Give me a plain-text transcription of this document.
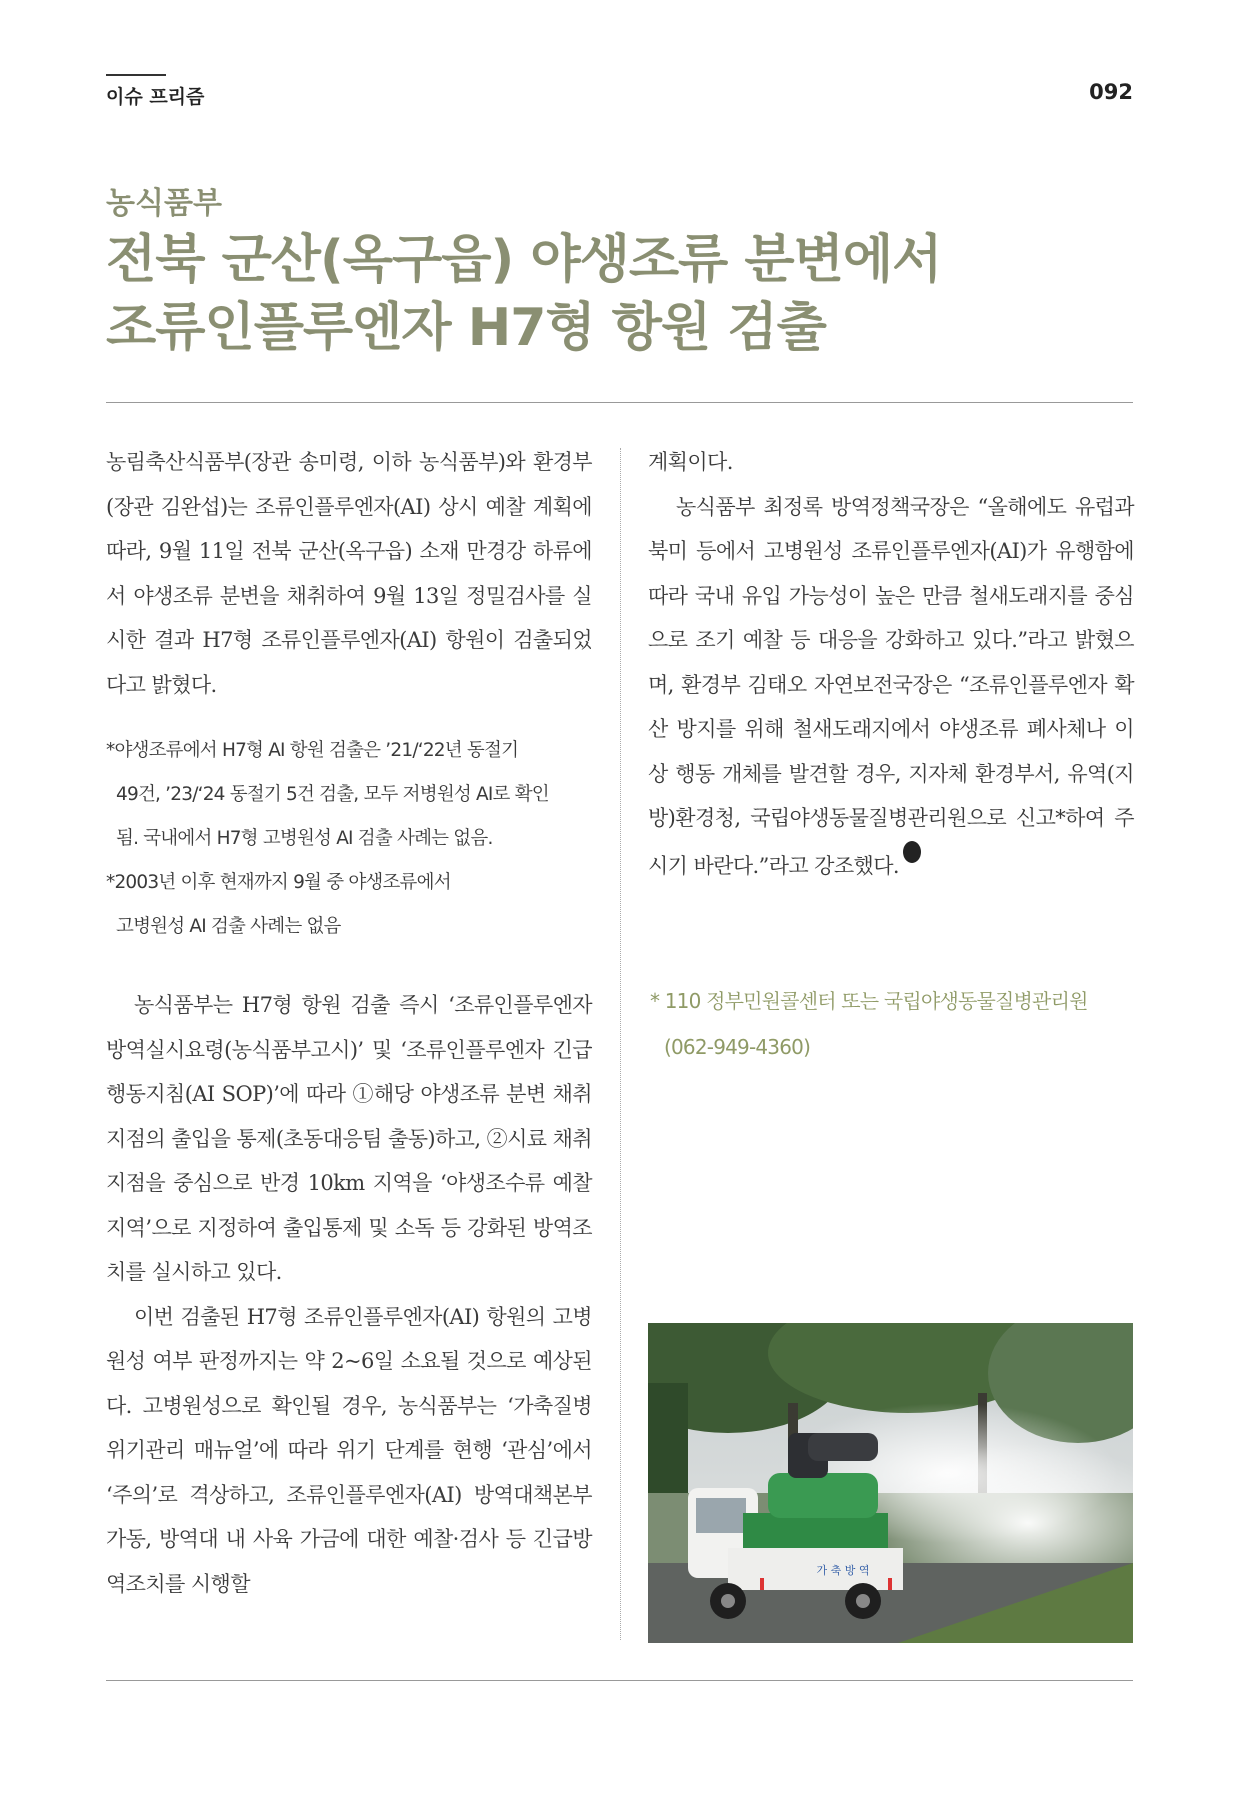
이슈 프리즘	092
농식품부
전북 군산(옥구읍) 야생조류 분변에서
조류인플루엔자 H7형 항원 검출

농림축산식품부(장관 송미령, 이하 농식품부)와 환경부(장관 김완섭)는 조류인플루엔자(AI) 상시 예찰 계획에 따라, 9월 11일 전북 군산(옥구읍) 소재 만경강 하류에서 야생조류 분변을 채취하여 9월 13일 정밀검사를 실시한 결과 H7형 조류인플루엔자(AI) 항원이 검출되었다고 밝혔다.

*야생조류에서 H7형 AI 항원 검출은 ’21/‘22년 동절기
49건, ’23/‘24 동절기 5건 검출, 모두 저병원성 AI로 확인
됨. 국내에서 H7형 고병원성 AI 검출 사례는 없음.
*2003년 이후 현재까지 9월 중 야생조류에서
고병원성 AI 검출 사례는 없음

농식품부는 H7형 항원 검출 즉시 ‘조류인플루엔자방역실시요령(농식품부고시)’ 및 ‘조류인플루엔자 긴급행동지침(AI SOP)’에 따라 ①해당 야생조류 분변 채취지점의 출입을 통제(초동대응팀 출동)하고, ②시료 채취 지점을 중심으로 반경 10km 지역을 ‘야생조수류 예찰지역’으로 지정하여 출입통제 및 소독 등 강화된 방역조치를 실시하고 있다.

이번 검출된 H7형 조류인플루엔자(AI) 항원의 고병원성 여부 판정까지는 약 2~6일 소요될 것으로 예상된다. 고병원성으로 확인될 경우, 농식품부는 ‘가축질병 위기관리 매뉴얼’에 따라 위기 단계를 현행 ‘관심’에서 ‘주의’로 격상하고, 조류인플루엔자(AI) 방역대책본부 가동, 방역대 내 사육 가금에 대한 예찰·검사 등 긴급방역조치를 시행할

계획이다.

농식품부 최정록 방역정책국장은 “올해에도 유럽과 북미 등에서 고병원성 조류인플루엔자(AI)가 유행함에 따라 국내 유입 가능성이 높은 만큼 철새도래지를 중심으로 조기 예찰 등 대응을 강화하고 있다.”라고 밝혔으며, 환경부 김태오 자연보전국장은 “조류인플루엔자 확산 방지를 위해 철새도래지에서 야생조류 폐사체나 이상 행동 개체를 발견할 경우, 지자체 환경부서, 유역(지방)환경청, 국립야생동물질병관리원으로 신고*하여 주시기 바란다.”라고 강조했다.소식

* 110 정부민원콜센터 또는 국립야생동물질병관리원
(062-949-4360)
가 축 방 역
